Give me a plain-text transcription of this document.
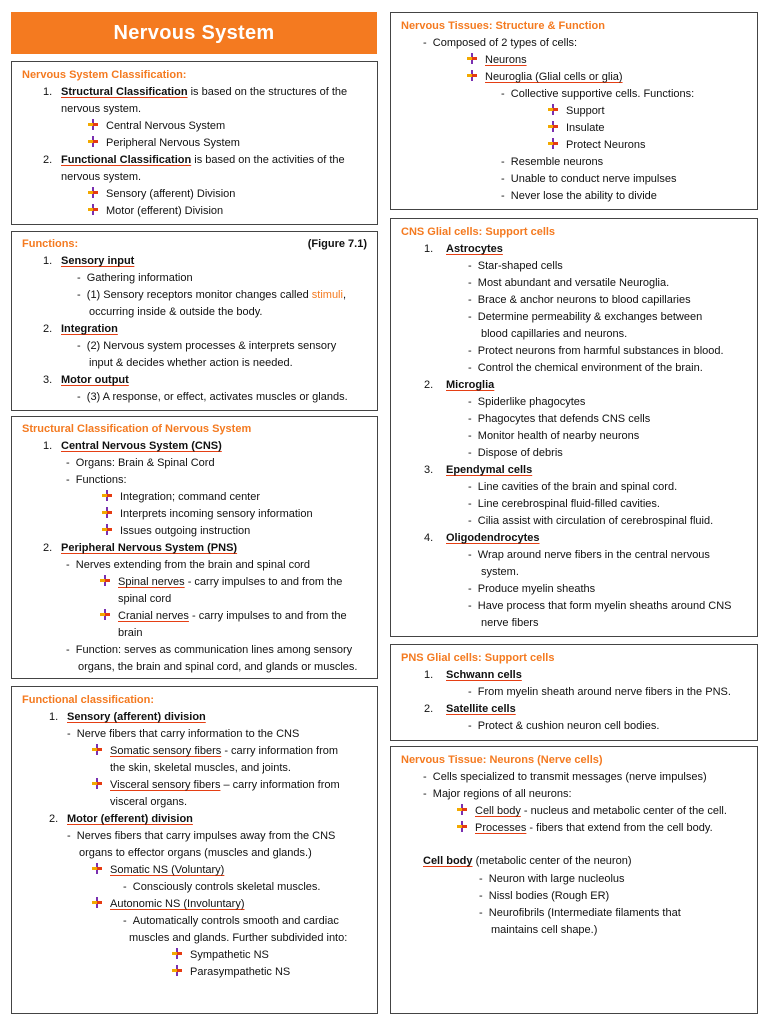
Nervous System
Nervous System Classification:
1. Structural Classification is based on the structures of the
nervous system.
Central Nervous System
Peripheral Nervous System
2. Functional Classification is based on the activities of the
nervous system.
Sensory (afferent) Division
Motor (efferent) Division
Functions:	(Figure 7.1)
1. Sensory input
-  Gathering information
-  (1) Sensory receptors monitor changes called stimuli,
occurring inside & outside the body.
2. Integration
-  (2) Nervous system processes & interprets sensory
input & decides whether action is needed.
3. Motor output
-  (3) A response, or effect, activates muscles or glands.
Structural Classification of Nervous System
1. Central Nervous System (CNS)
-  Organs: Brain & Spinal Cord
-  Functions:
Integration; command center
Interprets incoming sensory information
Issues outgoing instruction
2. Peripheral Nervous System (PNS)
-  Nerves extending from the brain and spinal cord
Spinal nerves - carry impulses to and from the
spinal cord
Cranial nerves - carry impulses to and from the
brain
-  Function: serves as communication lines among sensory
organs, the brain and spinal cord, and glands or muscles.
Functional classification:
1. Sensory (afferent) division
-  Nerve fibers that carry information to the CNS
Somatic sensory fibers - carry information from
the skin, skeletal muscles, and joints.
Visceral sensory fibers – carry information from
visceral organs.
2. Motor (efferent) division
-  Nerves fibers that carry impulses away from the CNS
organs to effector organs (muscles and glands.)
Somatic NS (Voluntary)
-  Consciously controls skeletal muscles.
Autonomic NS (Involuntary)
-  Automatically controls smooth and cardiac
muscles and glands. Further subdivided into:
Sympathetic NS
Parasympathetic NS
Nervous Tissues: Structure & Function
-  Composed of 2 types of cells:
Neurons
Neuroglia (Glial cells or glia)
-  Collective supportive cells. Functions:
Support
Insulate
Protect Neurons
-  Resemble neurons
-  Unable to conduct nerve impulses
-  Never lose the ability to divide
CNS Glial cells: Support cells
1. Astrocytes
-  Star-shaped cells
-  Most abundant and versatile Neuroglia.
-  Brace & anchor neurons to blood capillaries
-  Determine permeability & exchanges between
blood capillaries and neurons.
-  Protect neurons from harmful substances in blood.
-  Control the chemical environment of the brain.
2. Microglia
-  Spiderlike phagocytes
-  Phagocytes that defends CNS cells
-  Monitor health of nearby neurons
-  Dispose of debris
3. Ependymal cells
-  Line cavities of the brain and spinal cord.
-  Line cerebrospinal fluid-filled cavities.
-  Cilia assist with circulation of cerebrospinal fluid.
4. Oligodendrocytes
-  Wrap around nerve fibers in the central nervous
system.
-  Produce myelin sheaths
-  Have process that form myelin sheaths around CNS
nerve fibers
PNS Glial cells: Support cells
1. Schwann cells
-  From myelin sheath around nerve fibers in the PNS.
2. Satellite cells
-  Protect & cushion neuron cell bodies.
Nervous Tissue: Neurons (Nerve cells)
-  Cells specialized to transmit messages (nerve impulses)
-  Major regions of all neurons:
Cell body - nucleus and metabolic center of the cell.
Processes - fibers that extend from the cell body.
Cell body (metabolic center of the neuron)
-  Neuron with large nucleolus
-  Nissl bodies (Rough ER)
-  Neurofibrils (Intermediate filaments that
maintains cell shape.)
